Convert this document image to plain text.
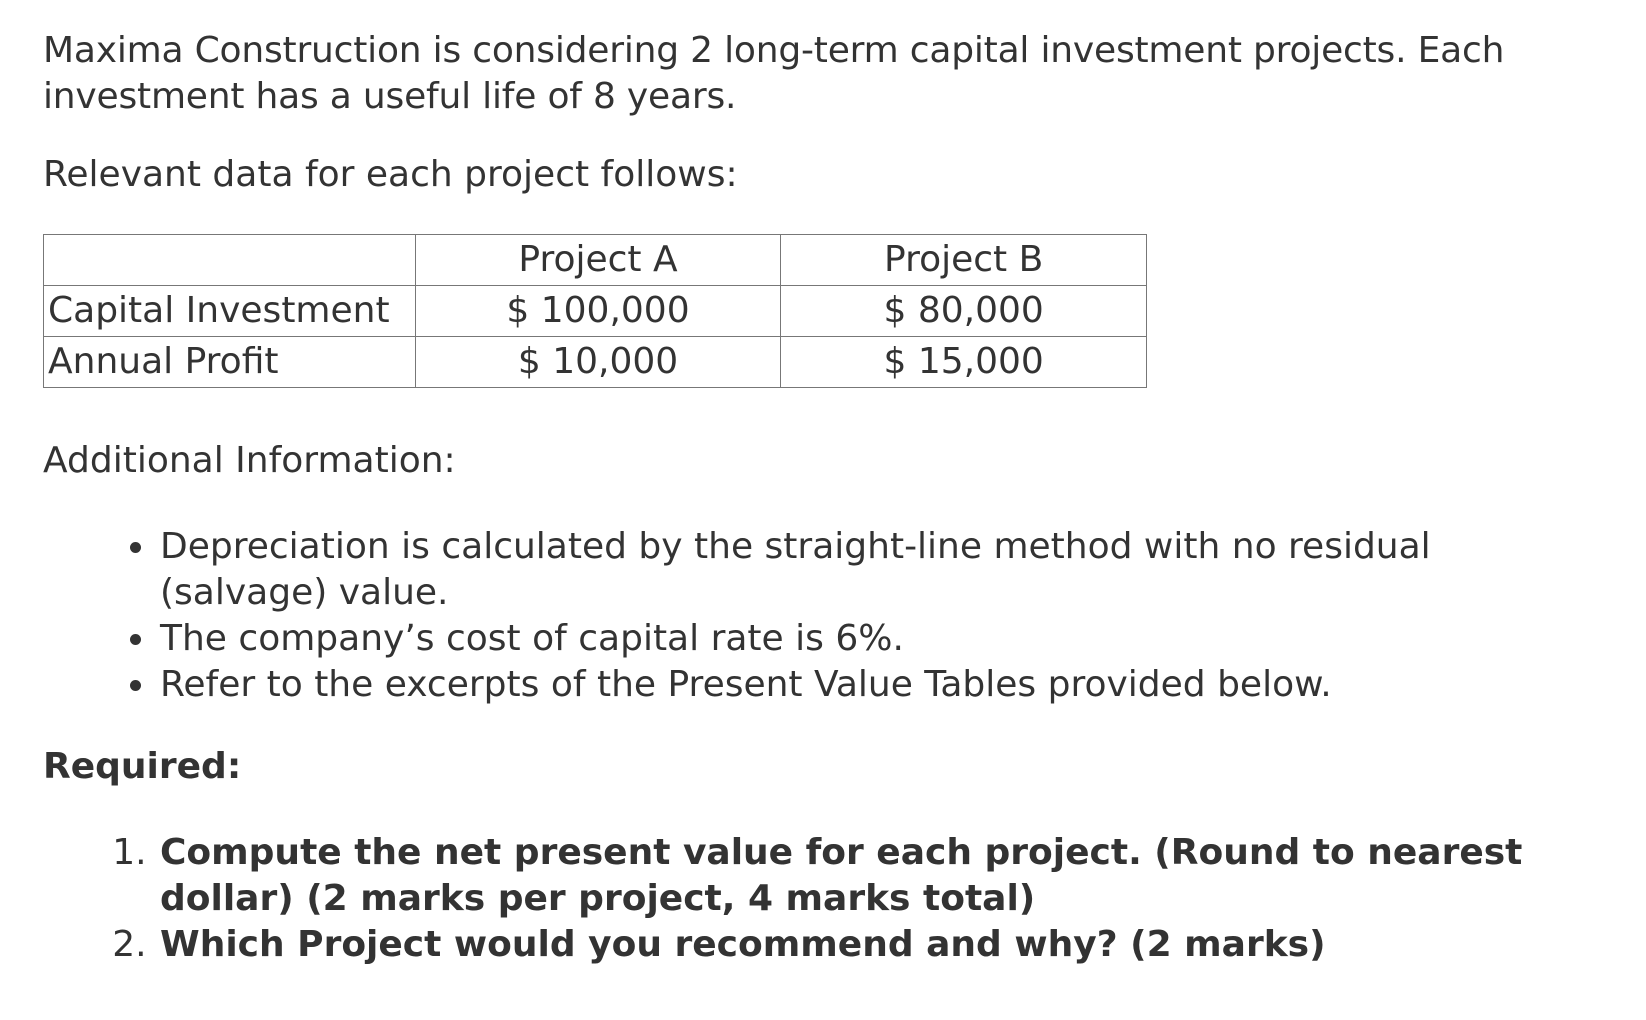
Maxima Construction is considering 2 long-term capital investment projects. Each investment has a useful life of 8 years.

Relevant data for each project follows:

	Project A	Project B
Capital Investment	$ 100,000	$ 80,000
Annual Profit	$ 10,000	$ 15,000

Additional Information:

• Depreciation is calculated by the straight-line method with no residual (salvage) value.
• The company’s cost of capital rate is 6%.
• Refer to the excerpts of the Present Value Tables provided below.

Required:

1. Compute the net present value for each project. (Round to nearest dollar) (2 marks per project, 4 marks total)
2. Which Project would you recommend and why? (2 marks)
